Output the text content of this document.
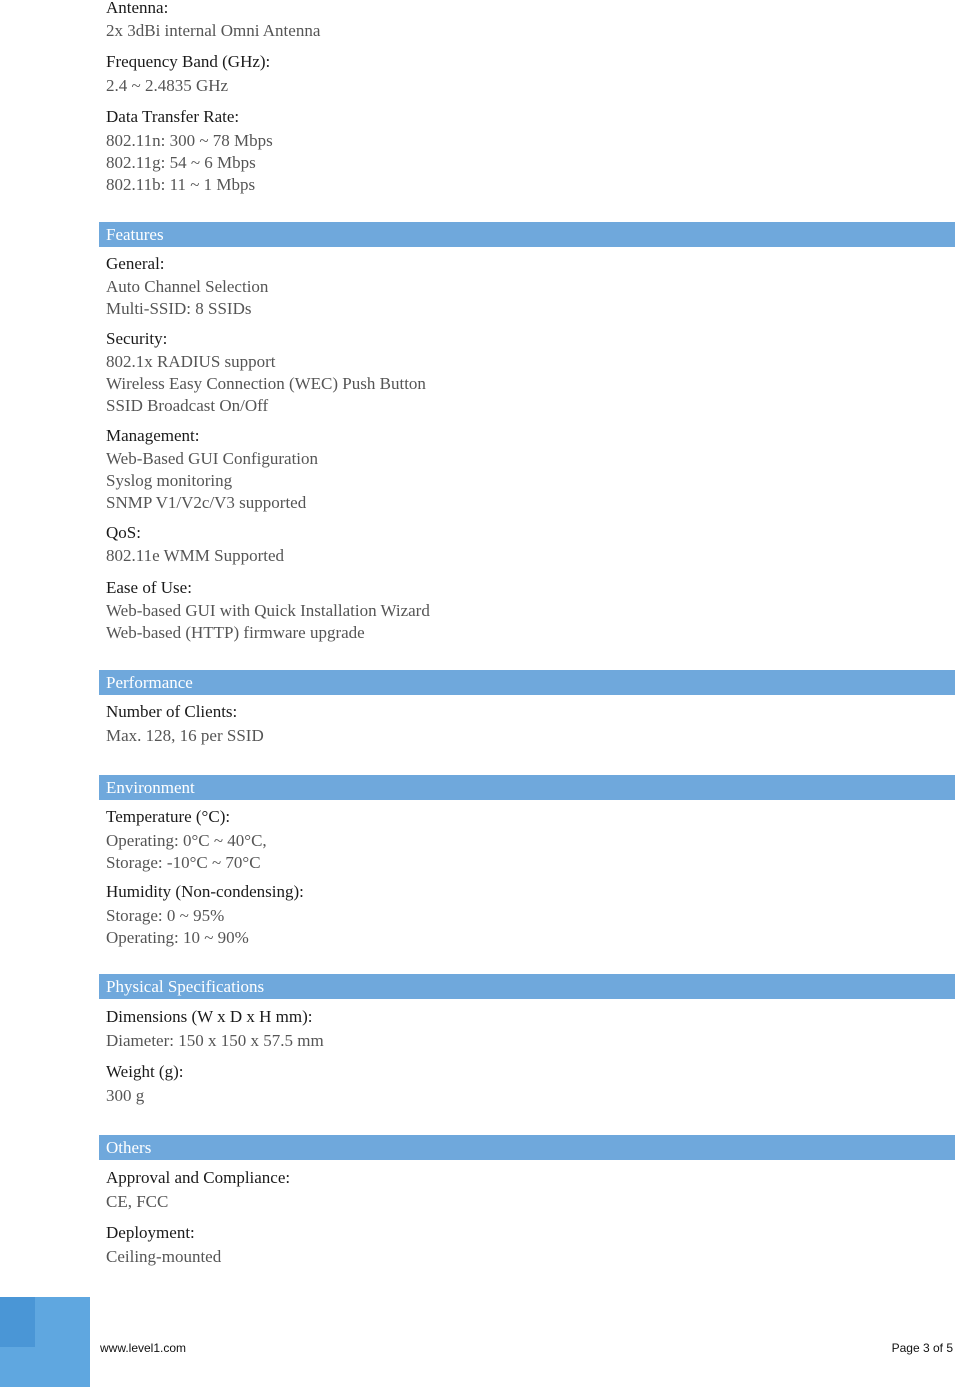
Antenna:
2x 3dBi internal Omni Antenna
Frequency Band (GHz):
2.4 ~ 2.4835 GHz
Data Transfer Rate:
802.11n: 300 ~ 78 Mbps
802.11g: 54 ~ 6 Mbps
802.11b: 11 ~ 1 Mbps
Features
General:
Auto Channel Selection
Multi-SSID: 8 SSIDs
Security:
802.1x RADIUS support
Wireless Easy Connection (WEC) Push Button
SSID Broadcast On/Off
Management:
Web-Based GUI Configuration
Syslog monitoring
SNMP V1/V2c/V3 supported
QoS:
802.11e WMM Supported
Ease of Use:
Web-based GUI with Quick Installation Wizard
Web-based (HTTP) firmware upgrade
Performance
Number of Clients:
Max. 128, 16 per SSID
Environment
Temperature (°C):
Operating: 0°C ~ 40°C,
Storage: -10°C ~ 70°C
Humidity (Non-condensing):
Storage: 0 ~ 95%
Operating: 10 ~ 90%
Physical Specifications
Dimensions (W x D x H mm):
Diameter: 150 x 150 x 57.5 mm
Weight (g):
300 g
Others
Approval and Compliance:
CE, FCC
Deployment:
Ceiling-mounted
www.level1.com	Page 3 of 5
